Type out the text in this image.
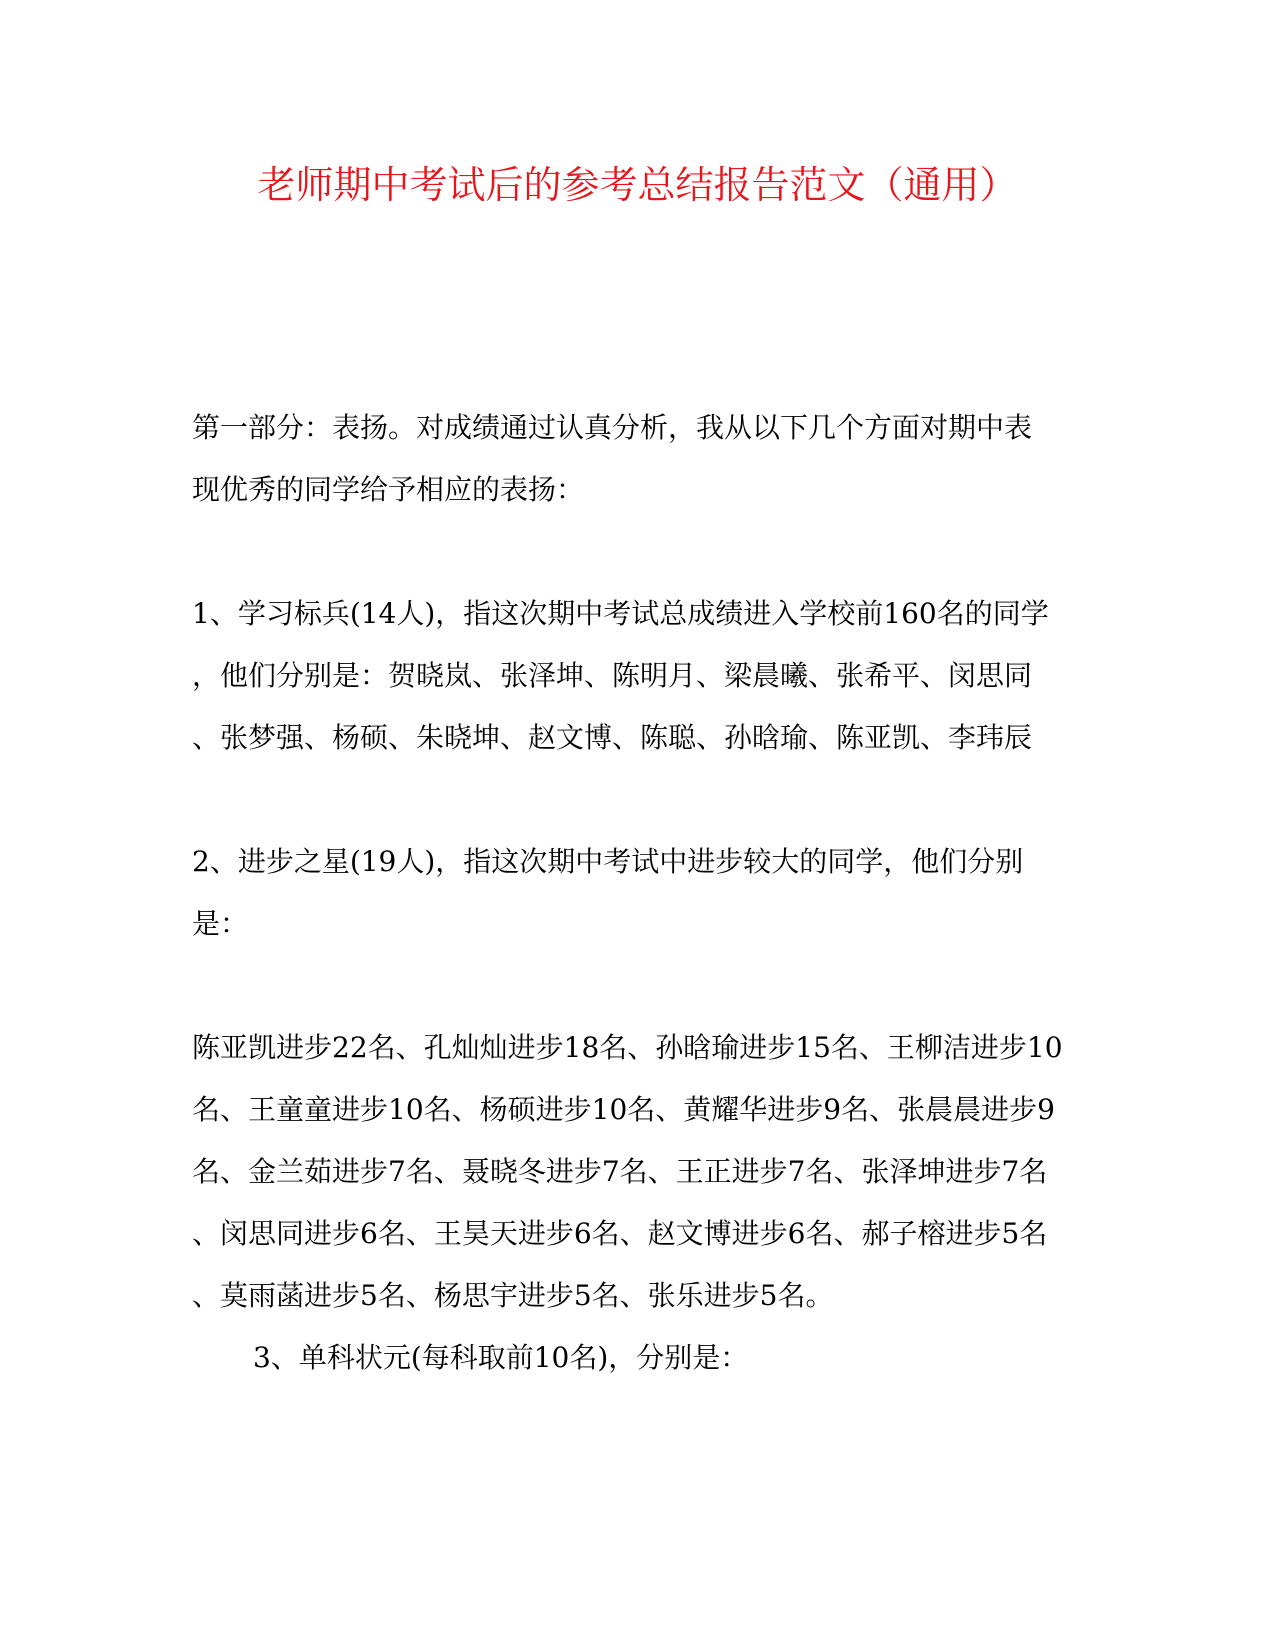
老师期中考试后的参考总结报告范文（通用）

第一部分：表扬。对成绩通过认真分析，我从以下几个方面对期中表

现优秀的同学给予相应的表扬：

1、学习标兵(14人)，指这次期中考试总成绩进入学校前160名的同学

，他们分别是：贺晓岚、张泽坤、陈明月、梁晨曦、张希平、闵思同

、张梦强、杨硕、朱晓坤、赵文博、陈聪、孙晗瑜、陈亚凯、李玮辰

2、进步之星(19人)，指这次期中考试中进步较大的同学，他们分别

是：

陈亚凯进步22名、孔灿灿进步18名、孙晗瑜进步15名、王柳洁进步10

名、王童童进步10名、杨硕进步10名、黄耀华进步9名、张晨晨进步9

名、金兰茹进步7名、聂晓冬进步7名、王正进步7名、张泽坤进步7名

、闵思同进步6名、王昊天进步6名、赵文博进步6名、郝子榕进步5名

、莫雨菡进步5名、杨思宇进步5名、张乐进步5名。

3、单科状元(每科取前10名)，分别是：
